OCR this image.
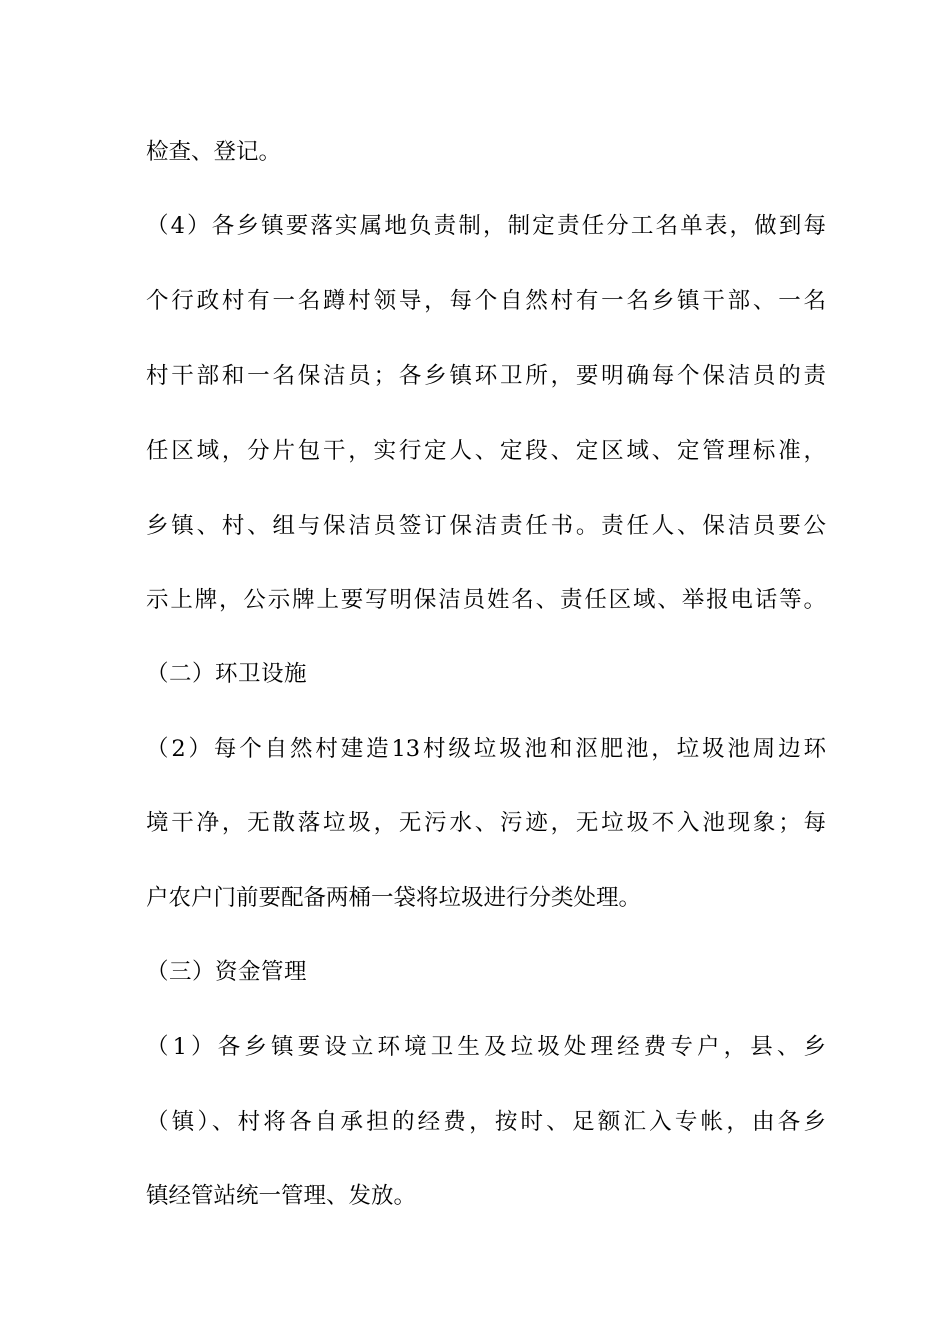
检查、登记。
（4）各乡镇要落实属地负责制，制定责任分工名单表，做到每
个行政村有一名蹲村领导，每个自然村有一名乡镇干部、一名
村干部和一名保洁员；各乡镇环卫所，要明确每个保洁员的责
任区域，分片包干，实行定人、定段、定区域、定管理标准，
乡镇、村、组与保洁员签订保洁责任书。责任人、保洁员要公
示上牌，公示牌上要写明保洁员姓名、责任区域、举报电话等。
（二）环卫设施
（2）每个自然村建造13村级垃圾池和沤肥池，垃圾池周边环
境干净，无散落垃圾，无污水、污迹，无垃圾不入池现象；每
户农户门前要配备两桶一袋将垃圾进行分类处理。
（三）资金管理
（1）各乡镇要设立环境卫生及垃圾处理经费专户，县、乡
（镇）、村将各自承担的经费，按时、足额汇入专帐，由各乡
镇经管站统一管理、发放。
